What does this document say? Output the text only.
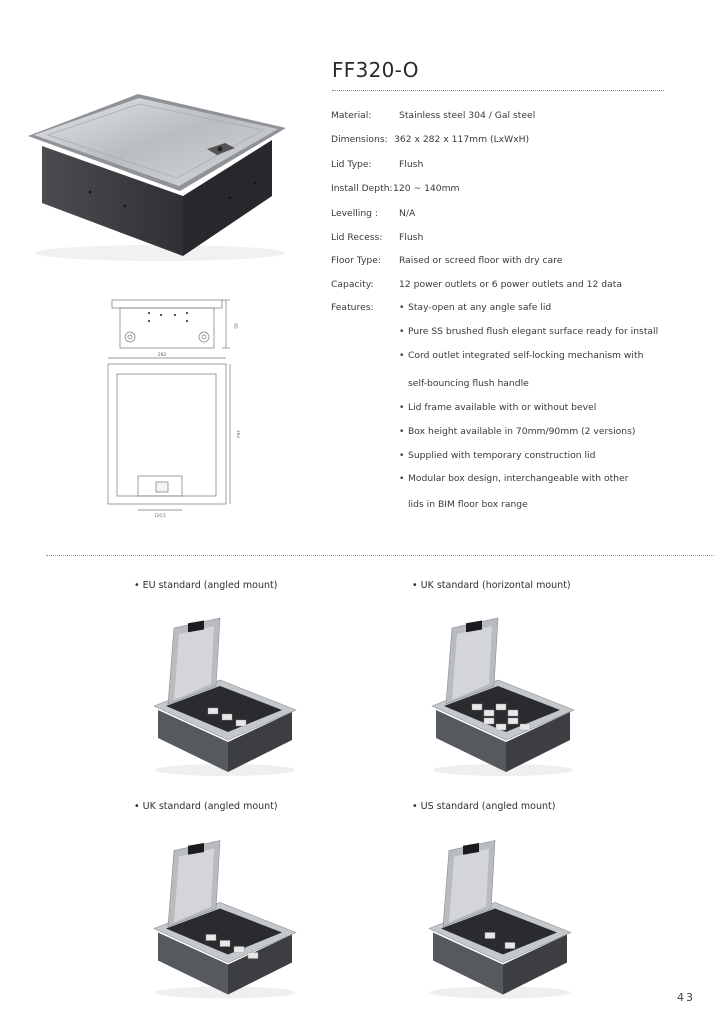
282
120.5
362
95
FF320-O
Material:	Stainless steel 304 / Gal steel
Dimensions: 362 x 282 x 117mm (LxWxH)
Lid Type:	Flush
Install Depth: 120 ~ 140mm
Levelling : N/A
Lid Recess: Flush
Floor Type: Raised or screed floor with dry care
Capacity:	12 power outlets or 6 power outlets and 12 data
Features:	• Stay-open at any angle safe lid
• Pure SS brushed flush elegant surface ready for install
• Cord outlet integrated self-locking mechanism with
self-bouncing flush handle
• Lid frame available with or without bevel
• Box height available in 70mm/90mm (2 versions)
• Supplied with temporary construction lid
• Modular box design, interchangeable with other
lids in BIM floor box range
• EU standard (angled mount)	• UK standard (horizontal mount)
• UK standard (angled mount)	• US standard (angled mount)
43
